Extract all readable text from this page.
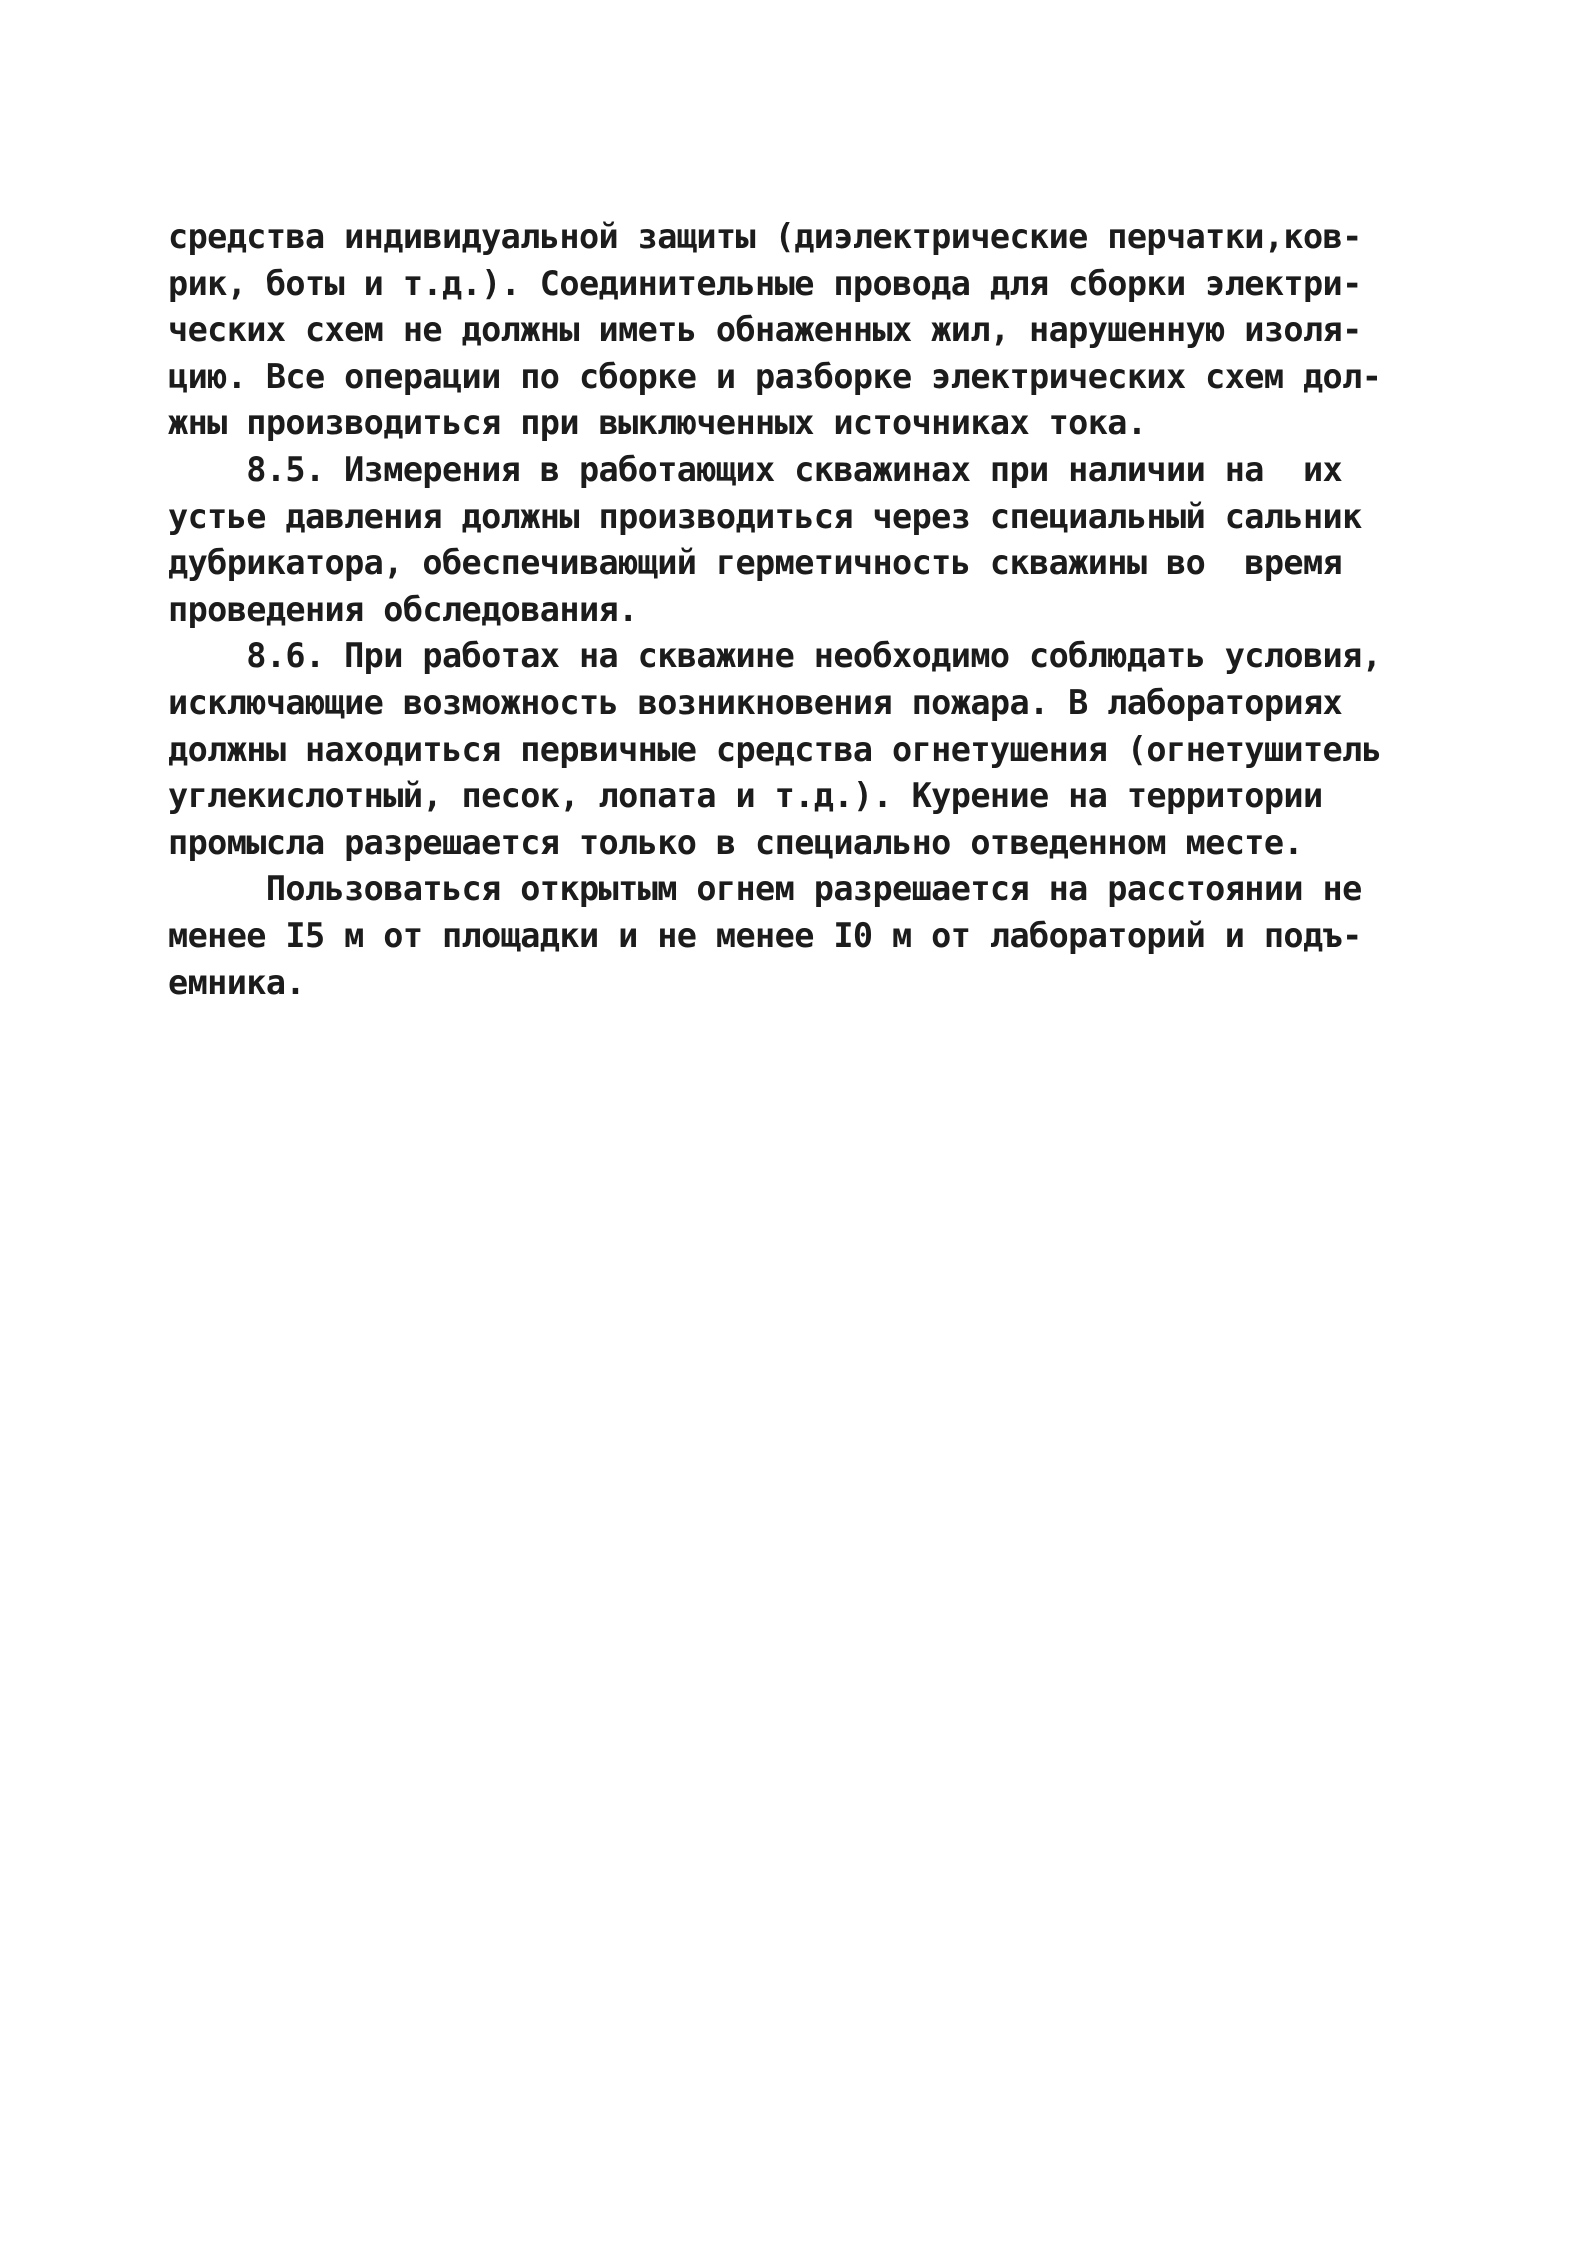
средства индивидуальной защиты (диэлектрические перчатки,ков-
рик, боты и т.д.). Соединительные провода для сборки электри-
ческих схем не должны иметь обнаженных жил, нарушенную изоля-
цию. Все операции по сборке и разборке электрических схем дол-
жны производиться при выключенных источниках тока.
8.5. Измерения в работающих скважинах при наличии на  их
устье давления должны производиться через специальный сальник
дубрикатора, обеспечивающий герметичность скважины во  время
проведения обследования.
8.6. При работах на скважине необходимо соблюдать условия,
исключающие возможность возникновения пожара. В лабораториях
должны находиться первичные средства огнетушения (огнетушитель
углекислотный, песок, лопата и т.д.). Курение на территории
промысла разрешается только в специально отведенном месте.
Пользоваться открытым огнем разрешается на расстоянии не
менее I5 м от площадки и не менее I0 м от лабораторий и подъ-
емника.
